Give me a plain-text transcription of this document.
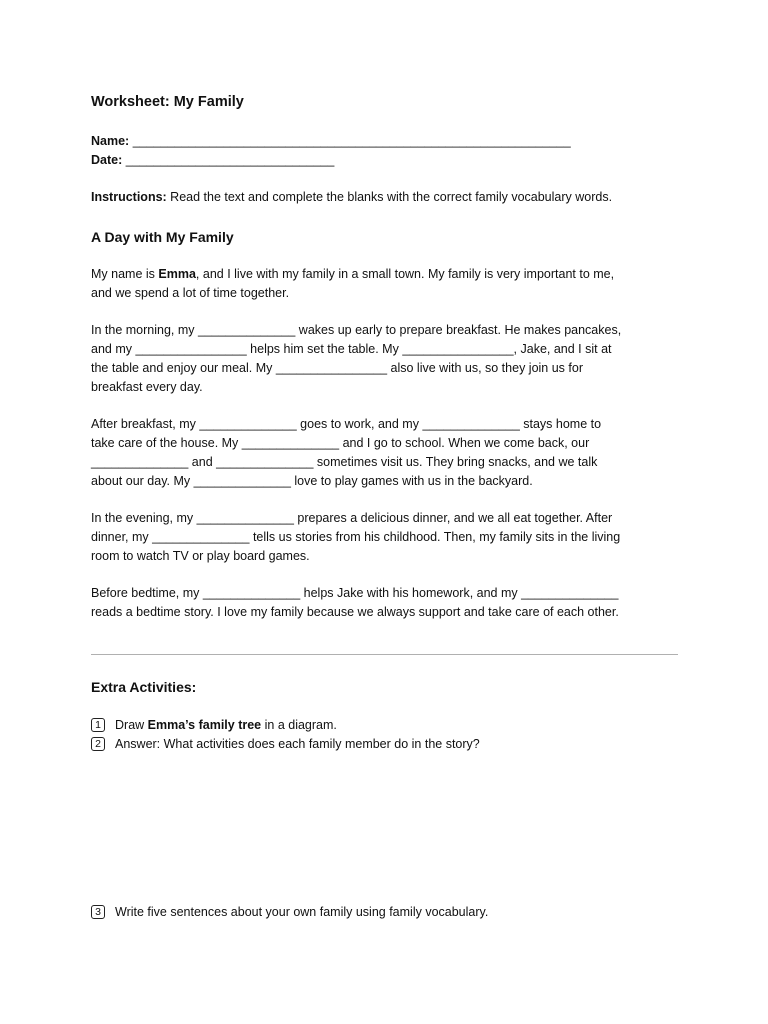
Worksheet: My Family
Name: _______________________________________________________________
Date: ______________________________
Instructions: Read the text and complete the blanks with the correct family vocabulary words.
A Day with My Family

My name is Emma, and I live with my family in a small town. My family is very important to me,

and we spend a lot of time together.

In the morning, my ______________ wakes up early to prepare breakfast. He makes pancakes,

and my ________________ helps him set the table. My ________________, Jake, and I sit at

the table and enjoy our meal. My ________________ also live with us, so they join us for

breakfast every day.

After breakfast, my ______________ goes to work, and my ______________ stays home to

take care of the house. My ______________ and I go to school. When we come back, our

______________ and ______________ sometimes visit us. They bring snacks, and we talk

about our day. My ______________ love to play games with us in the backyard.

In the evening, my ______________ prepares a delicious dinner, and we all eat together. After

dinner, my ______________ tells us stories from his childhood. Then, my family sits in the living

room to watch TV or play board games.

Before bedtime, my ______________ helps Jake with his homework, and my ______________

reads a bedtime story. I love my family because we always support and take care of each other.

Extra Activities:
1	Draw Emma’s family tree in a diagram.
2	Answer: What activities does each family member do in the story?
3	Write five sentences about your own family using family vocabulary.
